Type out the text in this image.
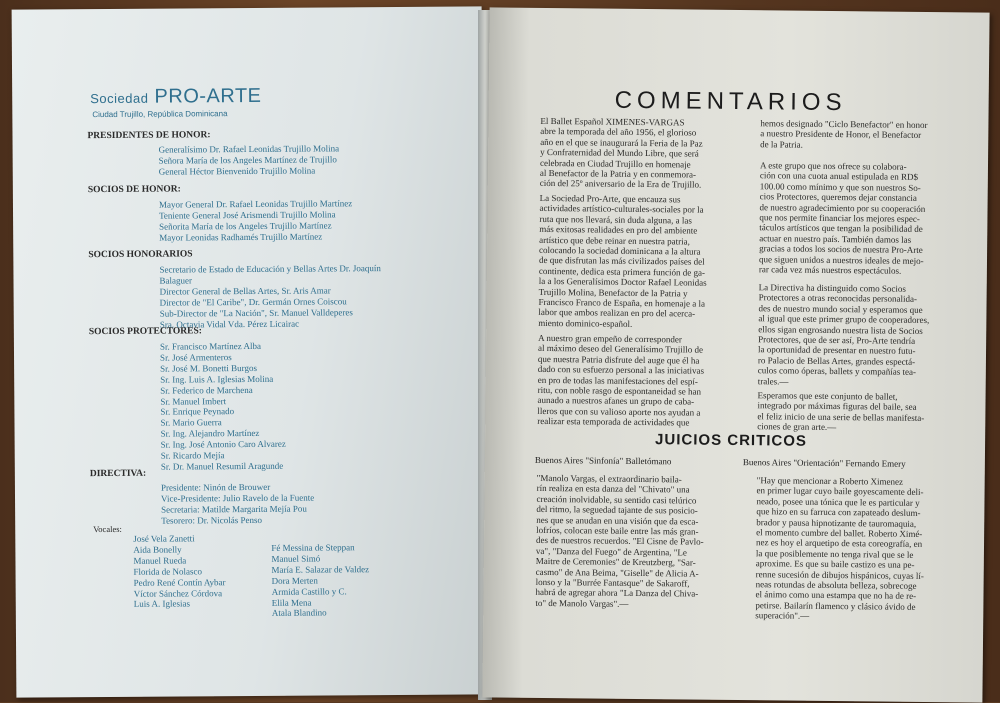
Sociedad PRO-ARTE
Ciudad Trujillo, República Dominicana
PRESIDENTES DE HONOR:
Generalísimo Dr. Rafael Leonidas Trujillo Molina
Señora María de los Angeles Martínez de Trujillo
General Héctor Bienvenido Trujillo Molina
SOCIOS DE HONOR:
Mayor General Dr. Rafael Leonidas Trujillo Martínez
Teniente General José Arismendi Trujillo Molina
Señorita María de los Angeles Trujillo Martínez
Mayor Leonidas Radhamés Trujillo Martínez
SOCIOS HONORARIOS
Secretario de Estado de Educación y Bellas Artes Dr. Joaquín
Balaguer
Director General de Bellas Artes, Sr. Aris Amar
Director de "El Caribe", Dr. Germán Ornes Coiscou
Sub-Director de "La Nación", Sr. Manuel Valldeperes
Sra. Octavia Vidal Vda. Pérez Licairac
SOCIOS PROTECTORES:
Sr. Francisco Martínez Alba
Sr. José Armenteros
Sr. José M. Bonetti Burgos
Sr. Ing. Luis A. Iglesias Molina
Sr. Federico de Marchena
Sr. Manuel Imbert
Sr. Enrique Peynado
Sr. Mario Guerra
Sr. Ing. Alejandro Martínez
Sr. Ing. José Antonio Caro Alvarez
Sr. Ricardo Mejía
Sr. Dr. Manuel Resumil Aragunde
DIRECTIVA:
Presidente: Ninón de Brouwer
Vice-Presidente: Julio Ravelo de la Fuente
Secretaria: Matilde Margarita Mejía Pou
Tesorero: Dr. Nicolás Penso
Vocales:
José Vela Zanetti
Aida Bonelly
Manuel Rueda
Florida de Nolasco
Pedro René Contín Aybar
Víctor Sánchez Córdova
Luis A. Iglesias
Fé Messina de Steppan
Manuel Simó
María E. Salazar de Valdez
Dora Merten
Armida Castillo y C.
Elila Mena
Atala Blandino
COMENTARIOS
El Ballet Español XIMENES-VARGAS
abre la temporada del año 1956, el glorioso
año en el que se inaugurará la Feria de la Paz
y Confraternidad del Mundo Libre, que será
celebrada en Ciudad Trujillo en homenaje
al Benefactor de la Patria y en conmemora-
ción del 25º aniversario de la Era de Trujillo.
La Sociedad Pro-Arte, que encauza sus
actividades artístico-culturales-sociales por la
ruta que nos llevará, sin duda alguna, a las
más exitosas realidades en pro del ambiente
artístico que debe reinar en nuestra patria,
colocando la sociedad dominicana a la altura
de que disfrutan las más civilizados países del
continente, dedica esta primera función de ga-
la a los Generalísimos Doctor Rafael Leonidas
Trujillo Molina, Benefactor de la Patria y
Francisco Franco de España, en homenaje a la
labor que ambos realizan en pro del acerca-
miento dominico-español.
A nuestro gran empeño de corresponder
al máximo deseo del Generalísimo Trujillo de
que nuestra Patria disfrute del auge que él ha
dado con su esfuerzo personal a las iniciativas
en pro de todas las manifestaciones del espí-
ritu, con noble rasgo de espontaneidad se han
aunado a nuestros afanes un grupo de caba-
lleros que con su valioso aporte nos ayudan a
realizar esta temporada de actividades que
hemos designado "Ciclo Benefactor" en honor
a nuestro Presidente de Honor, el Benefactor
de la Patria.
A este grupo que nos ofrece su colabora-
ción con una cuota anual estipulada en RD$
100.00 como mínimo y que son nuestros So-
cios Protectores, queremos dejar constancia
de nuestro agradecimiento por su cooperación
que nos permite financiar los mejores espec-
táculos artísticos que tengan la posibilidad de
actuar en nuestro país. También damos las
gracias a todos los socios de nuestra Pro-Arte
que siguen unidos a nuestros ideales de mejo-
rar cada vez más nuestros espectáculos.
La Directiva ha distinguido como Socios
Protectores a otras reconocidas personalida-
des de nuestro mundo social y esperamos que
al igual que este primer grupo de cooperadores,
ellos sigan engrosando nuestra lista de Socios
Protectores, que de ser así, Pro-Arte tendría
la oportunidad de presentar en nuestro futu-
ro Palacio de Bellas Artes, grandes espectá-
culos como óperas, ballets y compañías tea-
trales.—
Esperamos que este conjunto de ballet,
integrado por máximas figuras del baile, sea
el feliz inicio de una serie de bellas manifesta-
ciones de gran arte.—
JUICIOS CRITICOS
Buenos Aires "Sinfonía" Balletómano	Buenos Aires "Orientación" Fernando Emery
"Manolo Vargas, el extraordinario baila-
rín realiza en esta danza del "Chivato" una
creación inolvidable, su sentido casi telúrico
del ritmo, la seguedad tajante de sus posicio-
nes que se anudan en una visión que da esca-
lofríos, colocan este baile entre las más gran-
des de nuestros recuerdos. "El Cisne de Pavlo-
va", "Danza del Fuego" de Argentina, "Le
Maitre de Ceremonies" de Kreutzberg, "Sar-
casmo" de Ana Beima, "Giselle" de Alicia A-
lonso y la "Burrée Fantasque" de Sakaroff,
habrá de agregar ahora "La Danza del Chiva-
to" de Manolo Vargas".—
"Hay que mencionar a Roberto Ximenez
en primer lugar cuyo baile goyescamente deli-
neado, posee una tónica que le es particular y
que hizo en su farruca con zapateado deslum-
brador y pausa hipnotizante de tauromaquia,
el momento cumbre del ballet. Roberto Ximé-
nez es hoy el arquetipo de esta coreografía, en
la que posiblemente no tenga rival que se le
aproxime. Es que su baile castizo es una pe-
renne sucesión de dibujos hispánicos, cuyas lí-
neas rotundas de absoluta belleza, sobrecoge
el ánimo como una estampa que no ha de re-
petirse. Bailarín flamenco y clásico ávido de
superación".—
